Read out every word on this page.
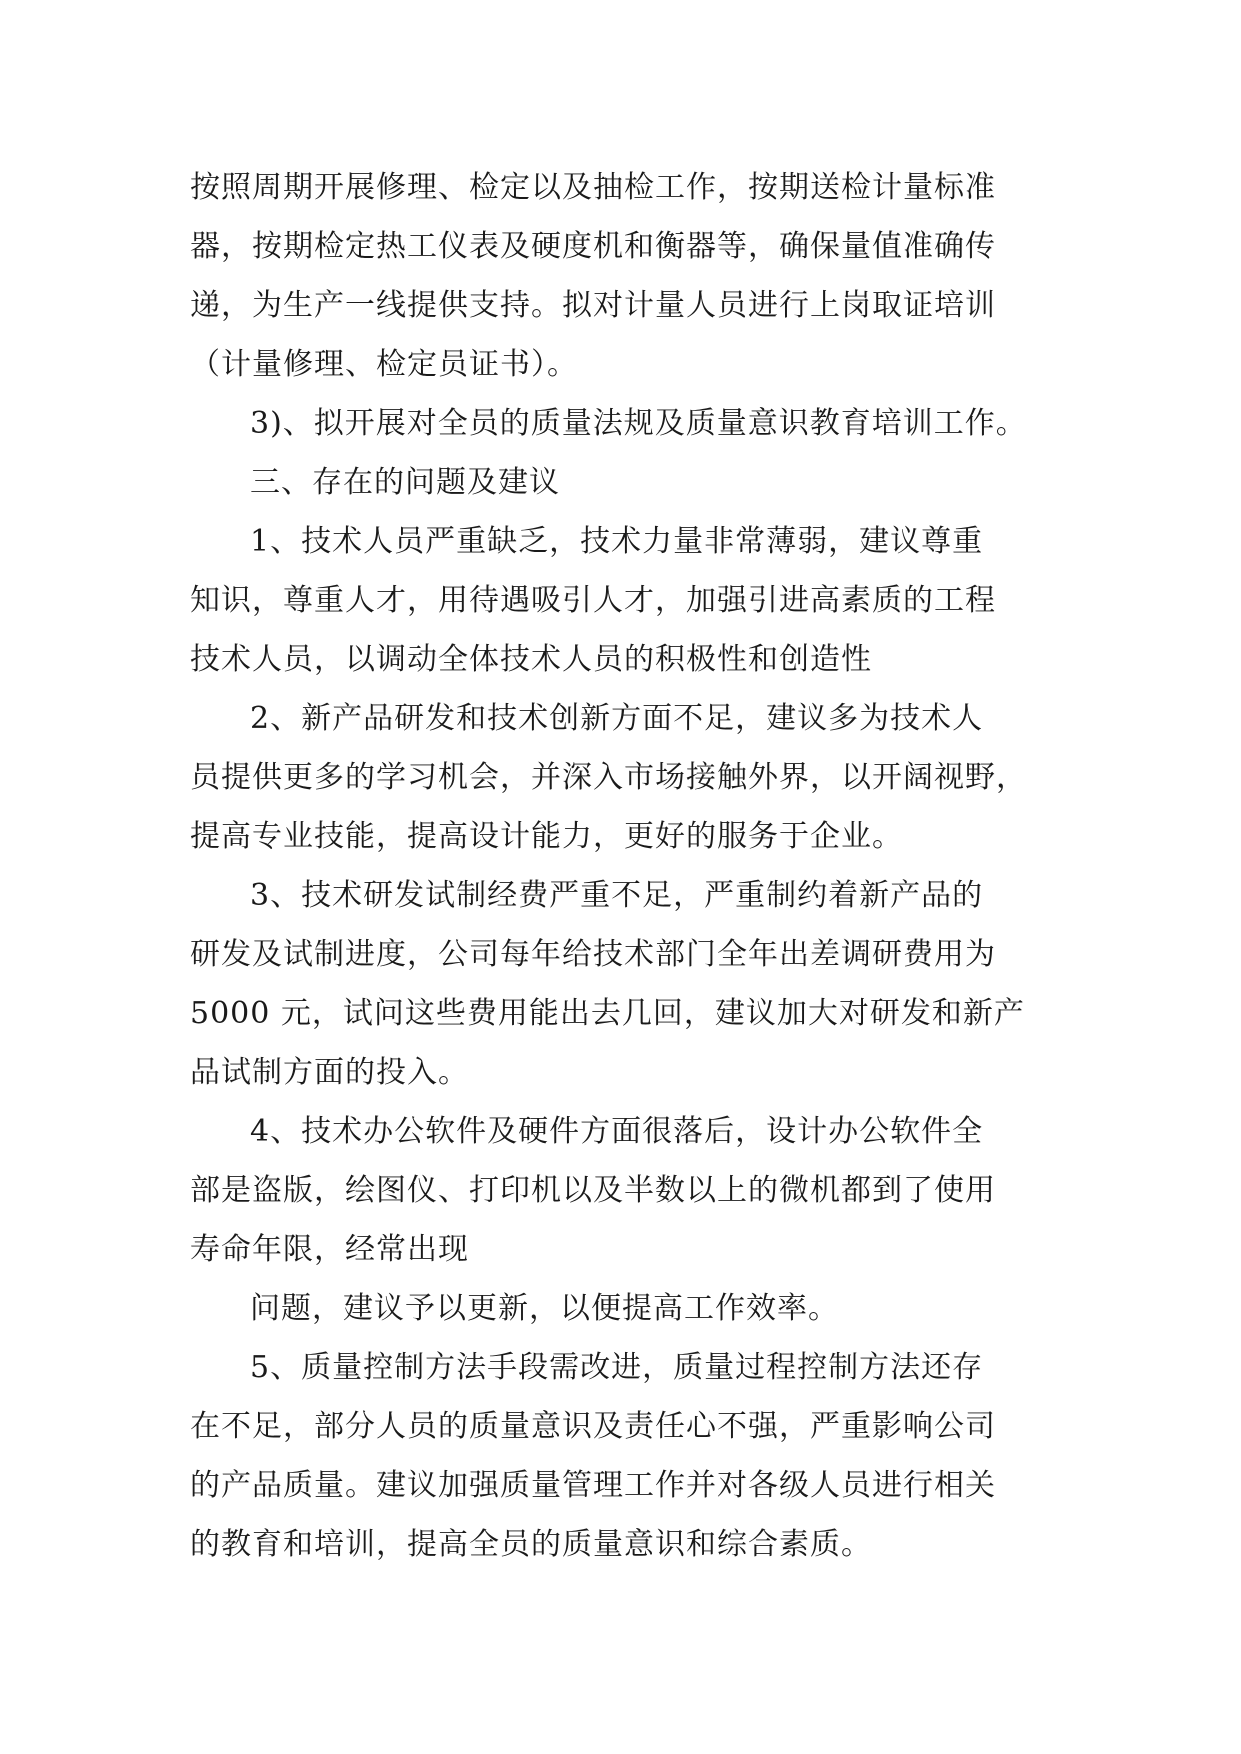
按照周期开展修理、检定以及抽检工作，按期送检计量标准
器，按期检定热工仪表及硬度机和衡器等，确保量值准确传
递，为生产一线提供支持。拟对计量人员进行上岗取证培训
（计量修理、检定员证书）。

3)、拟开展对全员的质量法规及质量意识教育培训工作。

三、存在的问题及建议

1、技术人员严重缺乏，技术力量非常薄弱，建议尊重
知识，尊重人才，用待遇吸引人才，加强引进高素质的工程
技术人员，以调动全体技术人员的积极性和创造性

2、新产品研发和技术创新方面不足，建议多为技术人
员提供更多的学习机会，并深入市场接触外界，以开阔视野，
提高专业技能，提高设计能力，更好的服务于企业。

3、技术研发试制经费严重不足，严重制约着新产品的
研发及试制进度，公司每年给技术部门全年出差调研费用为
5000 元，试问这些费用能出去几回，建议加大对研发和新产
品试制方面的投入。

4、技术办公软件及硬件方面很落后，设计办公软件全
部是盗版，绘图仪、打印机以及半数以上的微机都到了使用
寿命年限，经常出现

问题，建议予以更新，以便提高工作效率。

5、质量控制方法手段需改进，质量过程控制方法还存
在不足，部分人员的质量意识及责任心不强，严重影响公司
的产品质量。建议加强质量管理工作并对各级人员进行相关
的教育和培训，提高全员的质量意识和综合素质。
